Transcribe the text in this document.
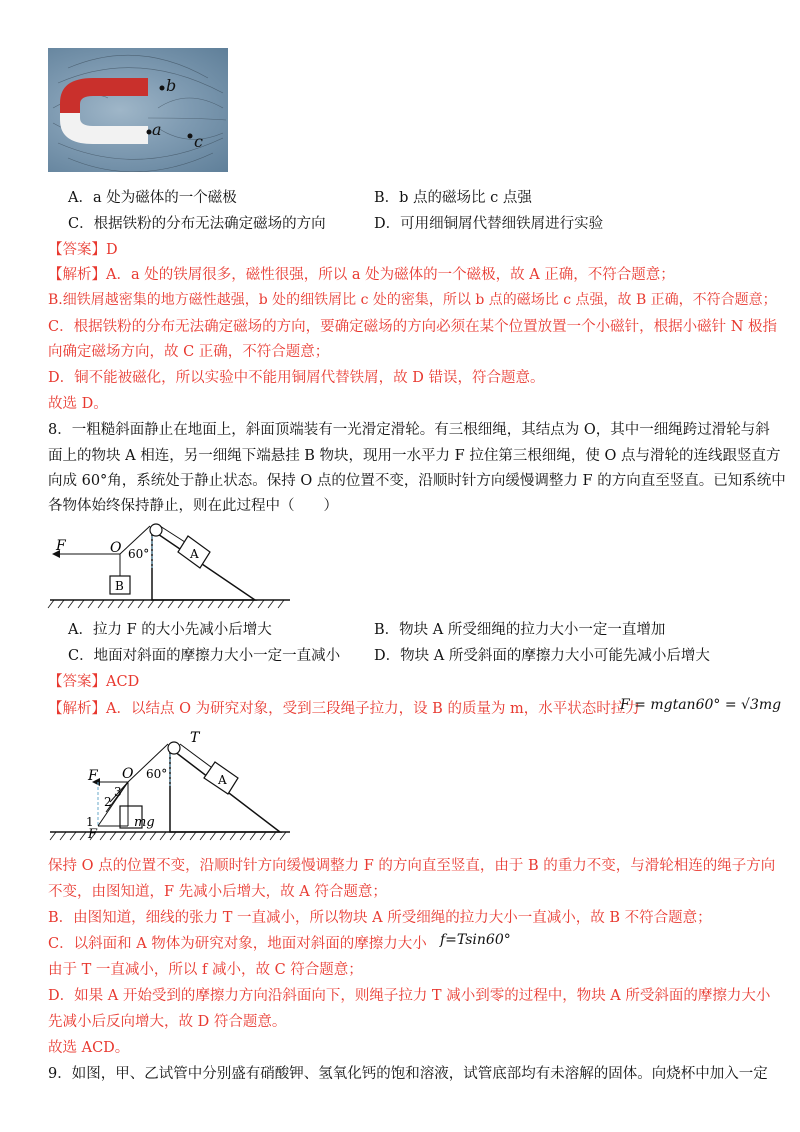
b
a
c
A．a 处为磁体的一个磁极	B．b 点的磁场比 c 点强
C．根据铁粉的分布无法确定磁场的方向	D．可用细铜屑代替细铁屑进行实验
【答案】D
【解析】A．a 处的铁屑很多，磁性很强，所以 a 处为磁体的一个磁极，故 A 正确，不符合题意；
B.细铁屑越密集的地方磁性越强，b 处的细铁屑比 c 处的密集，所以 b 点的磁场比 c 点强，故 B 正确，不符合题意；
C．根据铁粉的分布无法确定磁场的方向，要确定磁场的方向必须在某个位置放置一个小磁针，根据小磁针 N 极指
向确定磁场方向，故 C 正确，不符合题意；
D．铜不能被磁化，所以实验中不能用铜屑代替铁屑，故 D 错误，符合题意。
故选 D。
8．一粗糙斜面静止在地面上，斜面顶端装有一光滑定滑轮。有三根细绳，其结点为 O，其中一细绳跨过滑轮与斜
面上的物块 A 相连，另一细绳下端悬挂 B 物块，现用一水平力 F 拉住第三根细绳，使 O 点与滑轮的连线跟竖直方
向成 60°角，系统处于静止状态。保持 O 点的位置不变，沿顺时针方向缓慢调整力 F 的方向直至竖直。已知系统中
各物体始终保持静止，则在此过程中（　　）
F	O 60°	A
B
A．拉力 F 的大小先减小后增大	B．物块 A 所受细绳的拉力大小一定一直增加
C．地面对斜面的摩擦力大小一定一直减小 D．物块 A 所受斜面的摩擦力大小可能先减小后增大
【答案】ACD
【解析】A．以结点 O 为研究对象，受到三段绳子拉力，设 B 的质量为 m，水平状态时拉力
F = mgtan60° = √3mg
T
F O 60°	A
3
2
1
F
mg
保持 O 点的位置不变，沿顺时针方向缓慢调整力 F 的方向直至竖直，由于 B 的重力不变，与滑轮相连的绳子方向
不变，由图知道，F 先减小后增大，故 A 符合题意；
B．由图知道，细线的张力 T 一直减小，所以物块 A 所受细绳的拉力大小一直减小，故 B 不符合题意；
C．以斜面和 A 物体为研究对象，地面对斜面的摩擦力大小 f=Tsin60°
由于 T 一直减小，所以 f 减小，故 C 符合题意；
D．如果 A 开始受到的摩擦力方向沿斜面向下，则绳子拉力 T 减小到零的过程中，物块 A 所受斜面的摩擦力大小
先减小后反向增大，故 D 符合题意。
故选 ACD。
9．如图，甲、乙试管中分别盛有硝酸钾、氢氧化钙的饱和溶液，试管底部均有未溶解的固体。向烧杯中加入一定
